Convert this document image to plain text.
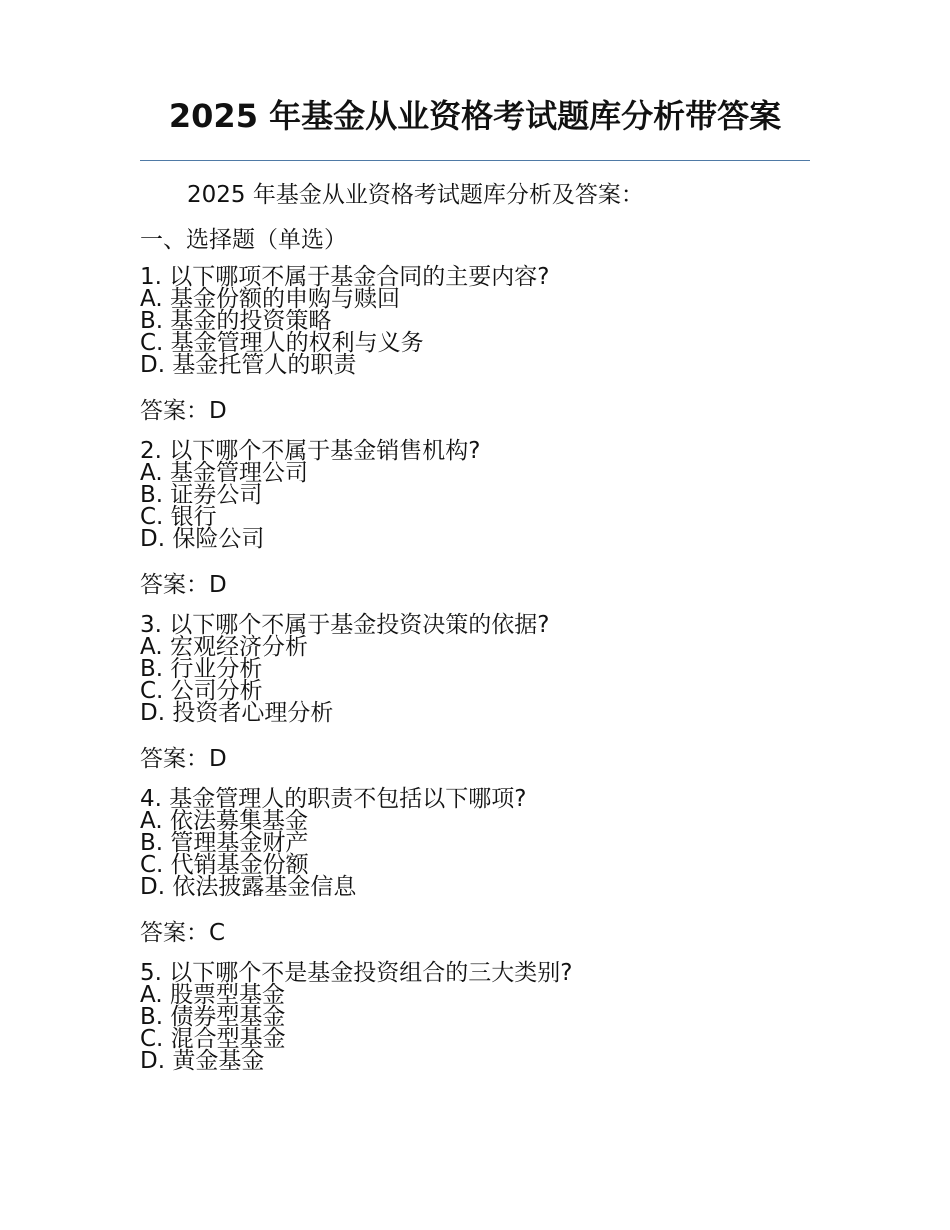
2025 年基金从业资格考试题库分析带答案
2025 年基金从业资格考试题库分析及答案：
一、选择题（单选）
1. 以下哪项不属于基金合同的主要内容?
A. 基金份额的申购与赎回
B. 基金的投资策略
C. 基金管理人的权利与义务
D. 基金托管人的职责
答案：D
2. 以下哪个不属于基金销售机构?
A. 基金管理公司
B. 证券公司
C. 银行
D. 保险公司
答案：D
3. 以下哪个不属于基金投资决策的依据?
A. 宏观经济分析
B. 行业分析
C. 公司分析
D. 投资者心理分析
答案：D
4. 基金管理人的职责不包括以下哪项?
A. 依法募集基金
B. 管理基金财产
C. 代销基金份额
D. 依法披露基金信息
答案：C
5. 以下哪个不是基金投资组合的三大类别?
A. 股票型基金
B. 债券型基金
C. 混合型基金
D. 黄金基金
